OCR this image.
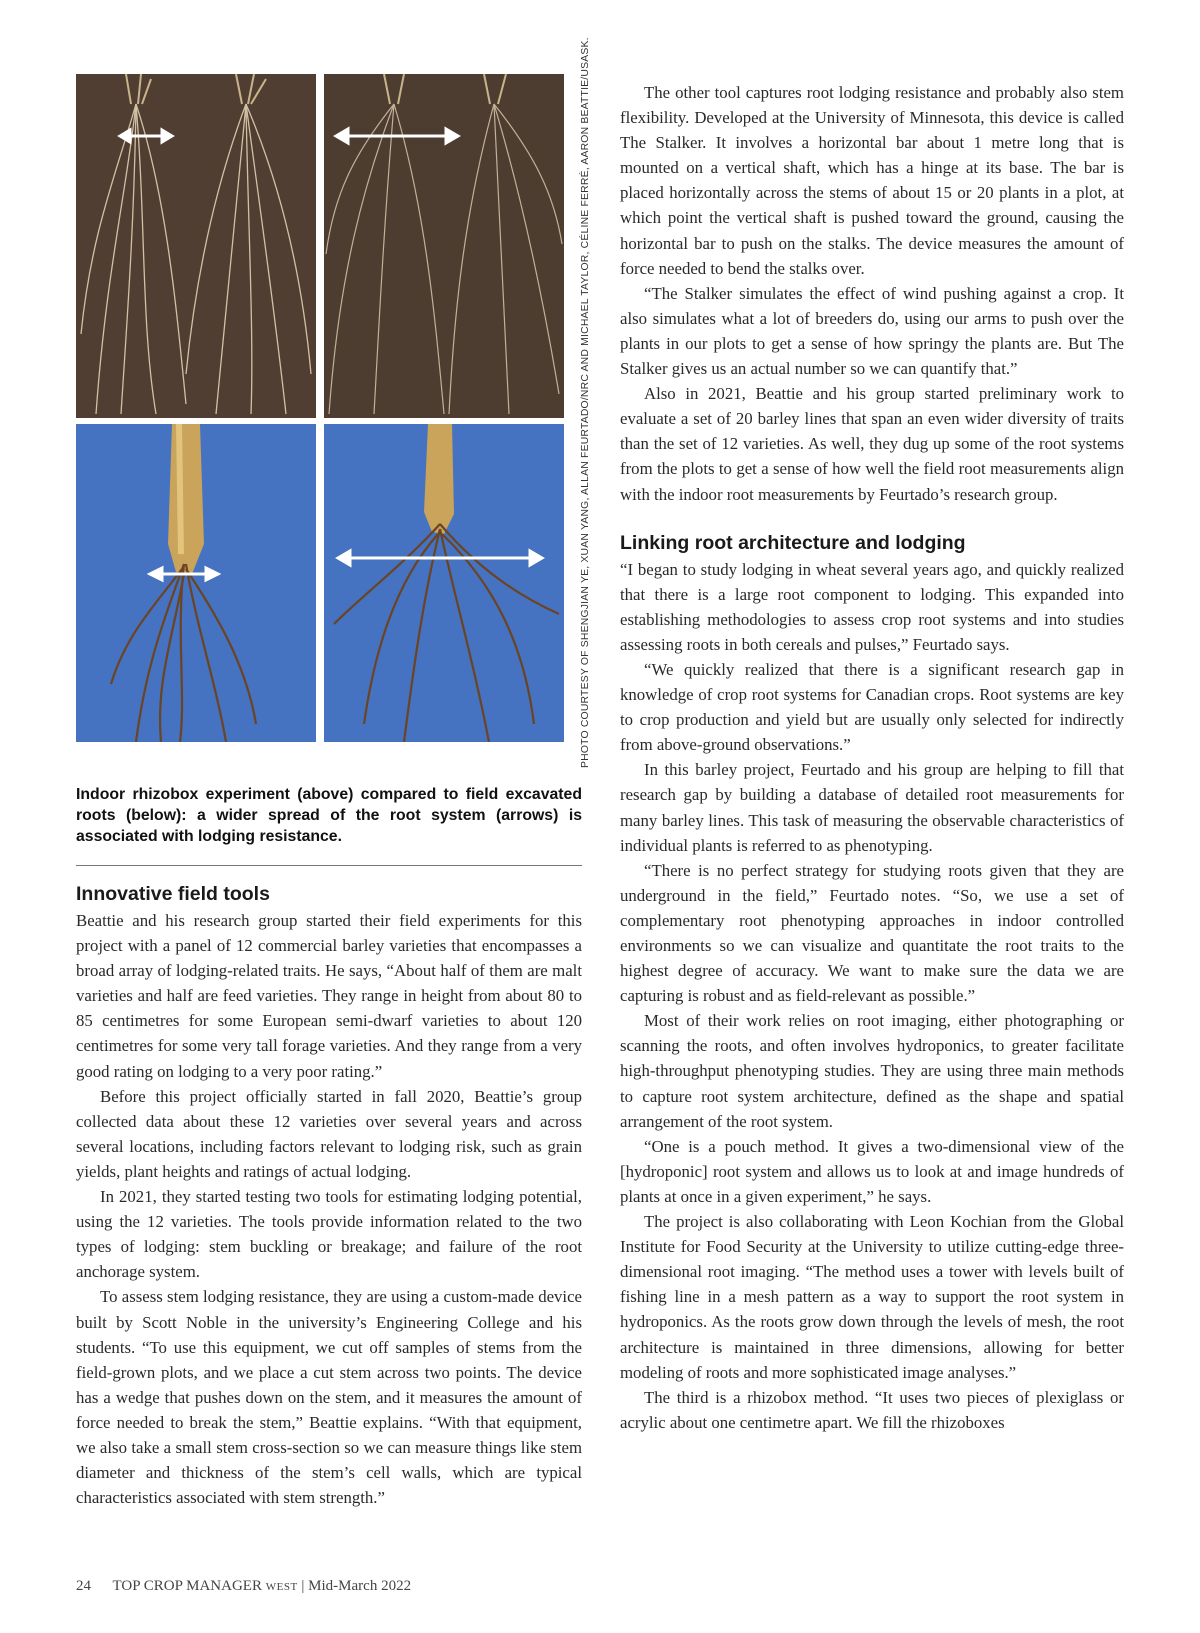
Indoor rhizobox experiment (above) compared to field excavated roots (below): a wider spread of the root system (arrows) is associated with lodging resistance.
Innovative field tools

Beattie and his research group started their field experiments for this project with a panel of 12 commercial barley varieties that encompasses a broad array of lodging-related traits. He says, “About half of them are malt varieties and half are feed varieties. They range in height from about 80 to 85 centimetres for some European semi-dwarf varieties to about 120 centimetres for some very tall forage varieties. And they range from a very good rating on lodging to a very poor rating.”

Before this project officially started in fall 2020, Beattie’s group collected data about these 12 varieties over several years and across several locations, including factors relevant to lodging risk, such as grain yields, plant heights and ratings of actual lodging.

In 2021, they started testing two tools for estimating lodging potential, using the 12 varieties. The tools provide information related to the two types of lodging: stem buckling or breakage; and failure of the root anchorage system.

To assess stem lodging resistance, they are using a custom-made device built by Scott Noble in the university’s Engineering College and his students. “To use this equipment, we cut off samples of stems from the field-grown plots, and we place a cut stem across two points. The device has a wedge that pushes down on the stem, and it measures the amount of force needed to break the stem,” Beattie explains. “With that equipment, we also take a small stem cross-section so we can measure things like stem diameter and thickness of the stem’s cell walls, which are typical characteristics associated with stem strength.”

PHOTO COURTESY OF SHENGJIAN YE, XUAN YANG, ALLAN FEURTADO/NRC AND MICHAEL TAYLOR, CÉLINE FERRÉ, AARON BEATTIE/USASK.	The other tool captures root lodging resistance and probably also stem flexibility. Developed at the University of Minnesota, this device is called The Stalker. It involves a horizontal bar about 1 metre long that is mounted on a vertical shaft, which has a hinge at its base. The bar is placed horizontally across the stems of about 15 or 20 plants in a plot, at which point the vertical shaft is pushed toward the ground, causing the horizontal bar to push on the stalks. The device measures the amount of force needed to bend the stalks over.

“The Stalker simulates the effect of wind pushing against a crop. It also simulates what a lot of breeders do, using our arms to push over the plants in our plots to get a sense of how springy the plants are. But The Stalker gives us an actual number so we can quantify that.”

Also in 2021, Beattie and his group started preliminary work to evaluate a set of 20 barley lines that span an even wider diversity of traits than the set of 12 varieties. As well, they dug up some of the root systems from the plots to get a sense of how well the field root measurements align with the indoor root measurements by Feurtado’s research group.

Linking root architecture and lodging

“I began to study lodging in wheat several years ago, and quickly realized that there is a large root component to lodging. This expanded into establishing methodologies to assess crop root systems and into studies assessing roots in both cereals and pulses,” Feurtado says.

“We quickly realized that there is a significant research gap in knowledge of crop root systems for Canadian crops. Root systems are key to crop production and yield but are usually only selected for indirectly from above-ground observations.”

In this barley project, Feurtado and his group are helping to fill that research gap by building a database of detailed root measurements for many barley lines. This task of measuring the observable characteristics of individual plants is referred to as phenotyping.

“There is no perfect strategy for studying roots given that they are underground in the field,” Feurtado notes. “So, we use a set of complementary root phenotyping approaches in indoor controlled environments so we can visualize and quantitate the root traits to the highest degree of accuracy. We want to make sure the data we are capturing is robust and as field-relevant as possible.”

Most of their work relies on root imaging, either photographing or scanning the roots, and often involves hydroponics, to greater facilitate high-throughput phenotyping studies. They are using three main methods to capture root system architecture, defined as the shape and spatial arrangement of the root system.

“One is a pouch method. It gives a two-dimensional view of the [hydroponic] root system and allows us to look at and image hundreds of plants at once in a given experiment,” he says.

The project is also collaborating with Leon Kochian from the Global Institute for Food Security at the University to utilize cutting-edge three-dimensional root imaging. “The method uses a tower with levels built of fishing line in a mesh pattern as a way to support the root system in hydroponics. As the roots grow down through the levels of mesh, the root architecture is maintained in three dimensions, allowing for better modeling of roots and more sophisticated image analyses.”

The third is a rhizobox method. “It uses two pieces of plexiglass or acrylic about one centimetre apart. We fill the rhizoboxes

24 TOP CROP MANAGER WEST | Mid-March 2022
